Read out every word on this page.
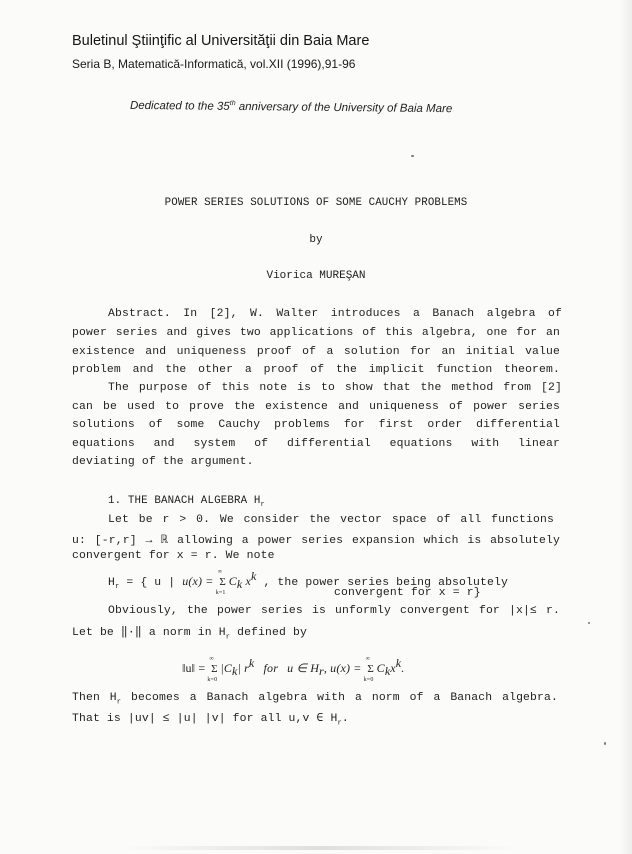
Buletinul Ştiinţific al Universităţii din Baia Mare
Seria B, Matematică-Informatică, vol.XII (1996),91-96
Dedicated to the 35th anniversary of the University of Baia Mare
POWER SERIES SOLUTIONS OF SOME CAUCHY PROBLEMS
by
Viorica MUREŞAN
Abstract. In [2], W. Walter introduces a Banach algebra of
power series and gives two applications of this algebra, one for an
existence and uniqueness proof of a solution for an initial value
problem and the other a proof of the implicit function theorem.
The purpose of this note is to show that the method from [2]
can be used to prove the existence and uniqueness of power series
solutions of some Cauchy problems for first order differential
equations and system of differential equations with linear
deviating of the argument.
1. THE BANACH ALGEBRA $H_r$
Let be r > 0. We consider the vector space of all functions
u: [-r,r] → ℝ allowing a power series expansion which is absolutely
convergent for x = r. We note
$H_r$ = { u | u(x) =
∞
Σ
k=1
$C_k$ $x^k$ , the power series being absolutely
convergent for x = r}
Obviously, the power series is unformly convergent for |x|≤ r.
Let be ‖·‖ a norm in $H_r$ defined by
‖u‖ =
∞
Σ
k=0
$|C_k|$ $r^k$ for u ∈ $H_r$, u(x) =
∞
Σ
k=0
$C_kx^k$.
Then $H_r$ becomes a Banach algebra with a norm of a Banach algebra.
That is |uv| ≤ |u| |v| for all u,v ∈ $H_r$.
